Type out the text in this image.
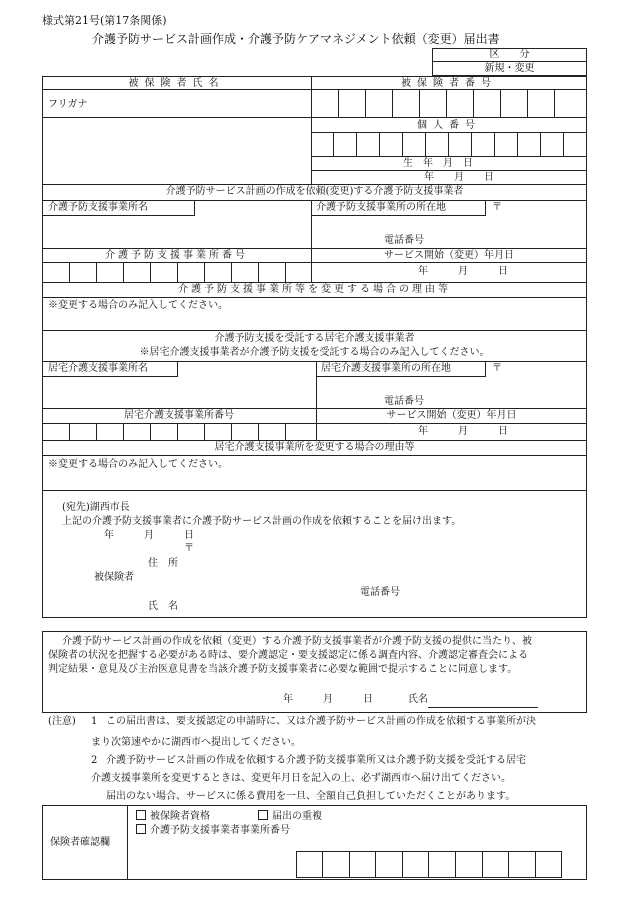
様式第21号(第17条関係)
介護予防サービス計画作成・介護予防ケアマネジメント依頼（変更）届出書
区　　分
新規・変更
被保険者氏名	被保険者番号
フリガナ
個人番号
生　年　月　日
年　　月　　日
介護予防サービス計画の作成を依頼(変更)する介護予防支援事業者
介護予防支援事業所名	介護予防支援事業所の所在地	〒
電話番号
介護予防支援事業所番号	サービス開始（変更）年月日
年　　　月　　　日
介護予防支援事業所等を変更する場合の理由等
※変更する場合のみ記入してください。
介護予防支援を受託する居宅介護支援事業者
※居宅介護支援事業者が介護予防支援を受託する場合のみ記入してください。
居宅介護支援事業所名	居宅介護支援事業所の所在地	〒
電話番号
居宅介護支援事業所番号	サービス開始（変更）年月日
年　　　月　　　日
居宅介護支援事業所を変更する場合の理由等
※変更する場合のみ記入してください。
(宛先)湖西市長
上記の介護予防支援事業者に介護予防サービス計画の作成を依頼することを届け出ます。
年　　　月　　　日
〒
住　所
被保険者
電話番号
氏　名
介護予防サービス計画の作成を依頼（変更）する介護予防支援事業者が介護予防支援の提供に当たり、被
保険者の状況を把握する必要がある時は、要介護認定・要支援認定に係る調査内容、介護認定審査会による
判定結果・意見及び主治医意見書を当該介護予防支援事業者に必要な範囲で提示することに同意します。
年　　　月　　　日	氏名
(注意) 1 この届出書は、要支援認定の申請時に、又は介護予防サービス計画の作成を依頼する事業所が決
まり次第速やかに湖西市へ提出してください。
2 介護予防サービス計画の作成を依頼する介護予防支援事業所又は介護予防支援を受託する居宅
介護支援事業所を変更するときは、変更年月日を記入の上、必ず湖西市へ届け出てください。
届出のない場合、サービスに係る費用を一旦、全額自己負担していただくことがあります。
保険者確認欄
被保険者資格	届出の重複
介護予防支援事業者事業所番号
